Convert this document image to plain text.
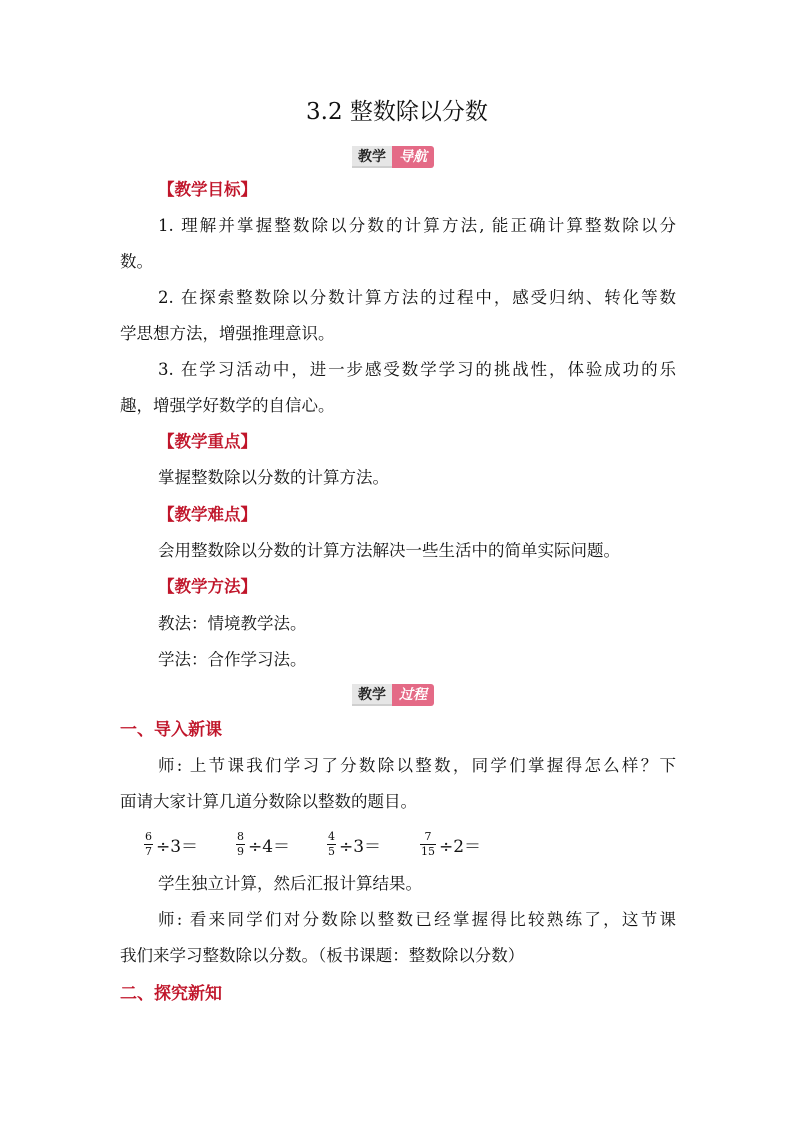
3.2 整数除以分数
教学 导航
【教学目标】
1. 理解并掌握整数除以分数的计算方法, 能正确计算整数除以分
数。
2. 在探索整数除以分数计算方法的过程中，感受归纳、转化等数
学思想方法，增强推理意识。
3. 在学习活动中，进一步感受数学学习的挑战性，体验成功的乐
趣，增强学好数学的自信心。
【教学重点】
掌握整数除以分数的计算方法。
【教学难点】
会用整数除以分数的计算方法解决一些生活中的简单实际问题。
【教学方法】
教法：情境教学法。
学法：合作学习法。
教学 过程
一、导入新课
师: 上节课我们学习了分数除以整数，同学们掌握得怎么样？下
面请大家计算几道分数除以整数的题目。
$\frac{6}{7} \div 3=$	$\frac{8}{9} \div 4=$	$\frac{4}{5} \div 3=$	$\frac{7}{15} \div 2=$
学生独立计算，然后汇报计算结果。
师: 看来同学们对分数除以整数已经掌握得比较熟练了，这节课
我们来学习整数除以分数。（板书课题：整数除以分数）
二、探究新知
